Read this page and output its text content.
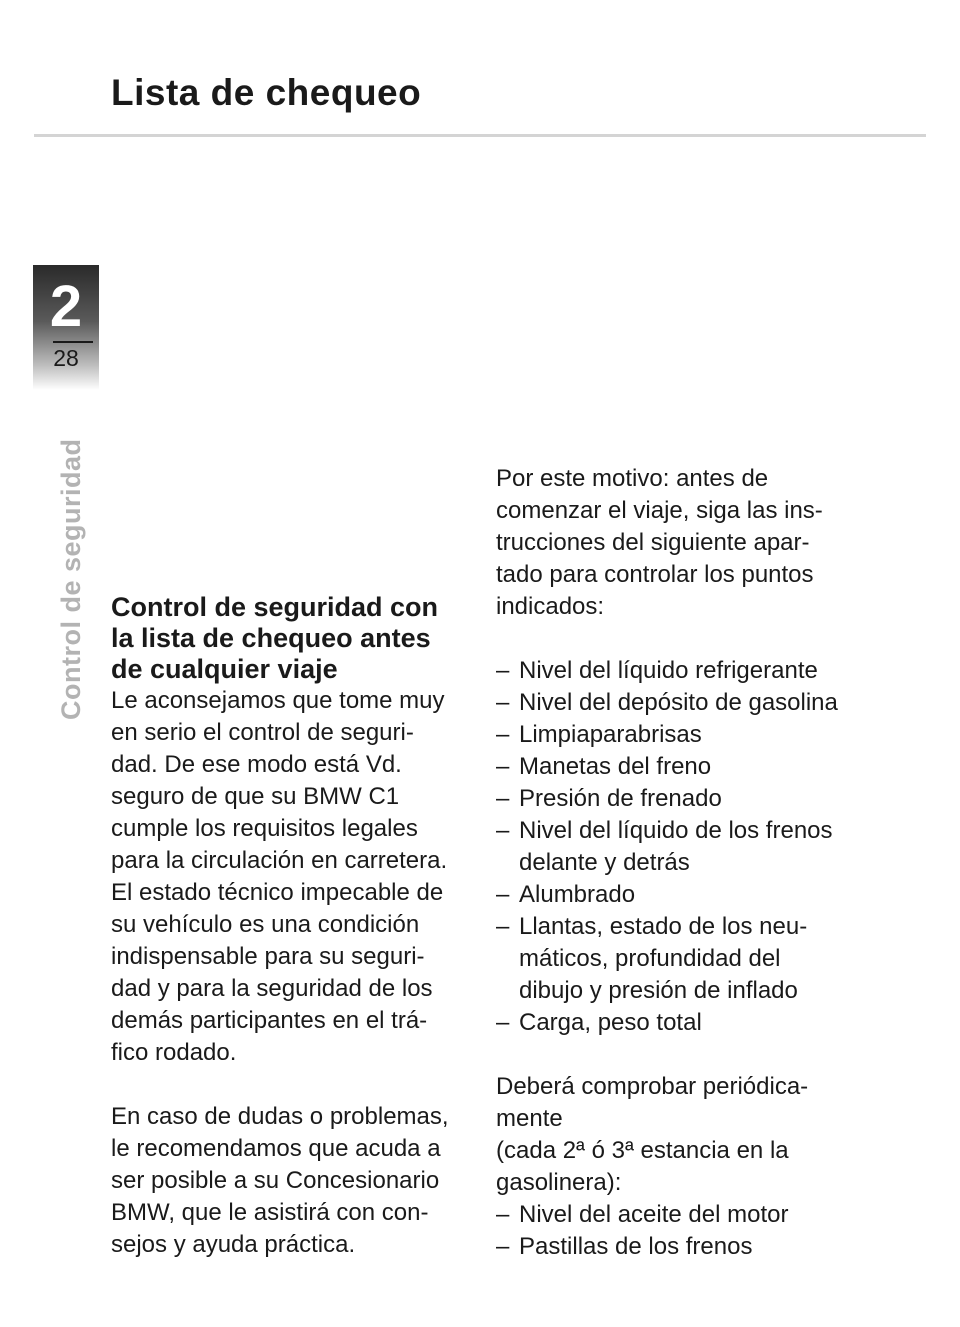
Lista de chequeo
2
28
Control de seguridad Control de seguridad con
la lista de chequeo antes
de cualquier viaje

Le aconsejamos que tome muy
en serio el control de seguri-
dad. De ese modo está Vd.
seguro de que su BMW C1
cumple los requisitos legales
para la circulación en carretera.
El estado técnico impecable de
su vehículo es una condición
indispensable para su seguri-
dad y para la seguridad de los
demás participantes en el trá-
fico rodado.

En caso de dudas o problemas,
le recomendamos que acuda a
ser posible a su Concesionario
BMW, que le asistirá con con-
sejos y ayuda práctica.

Por este motivo: antes de
comenzar el viaje, siga las ins-
trucciones del siguiente apar-
tado para controlar los puntos
indicados:

– Nivel del líquido refrigerante
– Nivel del depósito de gasolina
– Limpiaparabrisas
– Manetas del freno
– Presión de frenado
– Nivel del líquido de los frenos
delante y detrás
– Alumbrado
– Llantas, estado de los neu-
máticos, profundidad del
dibujo y presión de inflado
– Carga, peso total

Deberá comprobar periódica-
mente
(cada 2ª ó 3ª estancia en la
gasolinera):

– Nivel del aceite del motor
– Pastillas de los frenos
